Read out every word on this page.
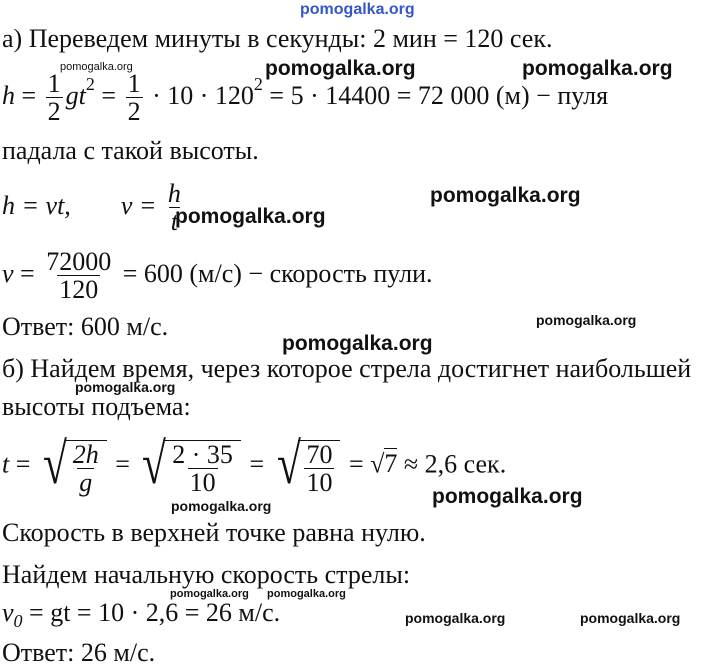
pomogalka.org
pomogalka.org	pomogalka.org	pomogalka.org
pomogalka.org
pomogalka.org
pomogalka.org
pomogalka.org
pomogalka.org
pomogalka.org	pomogalka.org
pomogalka.org pomogalka.org
pomogalka.org	pomogalka.org
а) Переведем минуты в секунды: 2 мин = 120 сек.
$h = \frac{1}{2} gt^2 = \frac{1}{2} \cdot 10 \cdot 120^2 = 5 \cdot 14400 = 72$ 000 (м) − пуля
падала с такой высоты.
h = vt, $v = \frac{h}{t}$
$v = \frac{72000}{120} = 600$ (м/с) − скорость пули.
Ответ: 600 м/с.
б) Найдем время, через которое стрела достигнет наибольшей
высоты подъема:
t = √ $\frac{2h}{g}$ = √ $\frac{2 \cdot 35}{10}$ = √ $\frac{70}{10} = √7 \approx 2,6$ сек.
Скорость в верхней точке равна нулю.
Найдем начальную скорость стрелы:
$v_0$ = gt = 10 · 2,6 = 26 м/с.
Ответ: 26 м/с.
